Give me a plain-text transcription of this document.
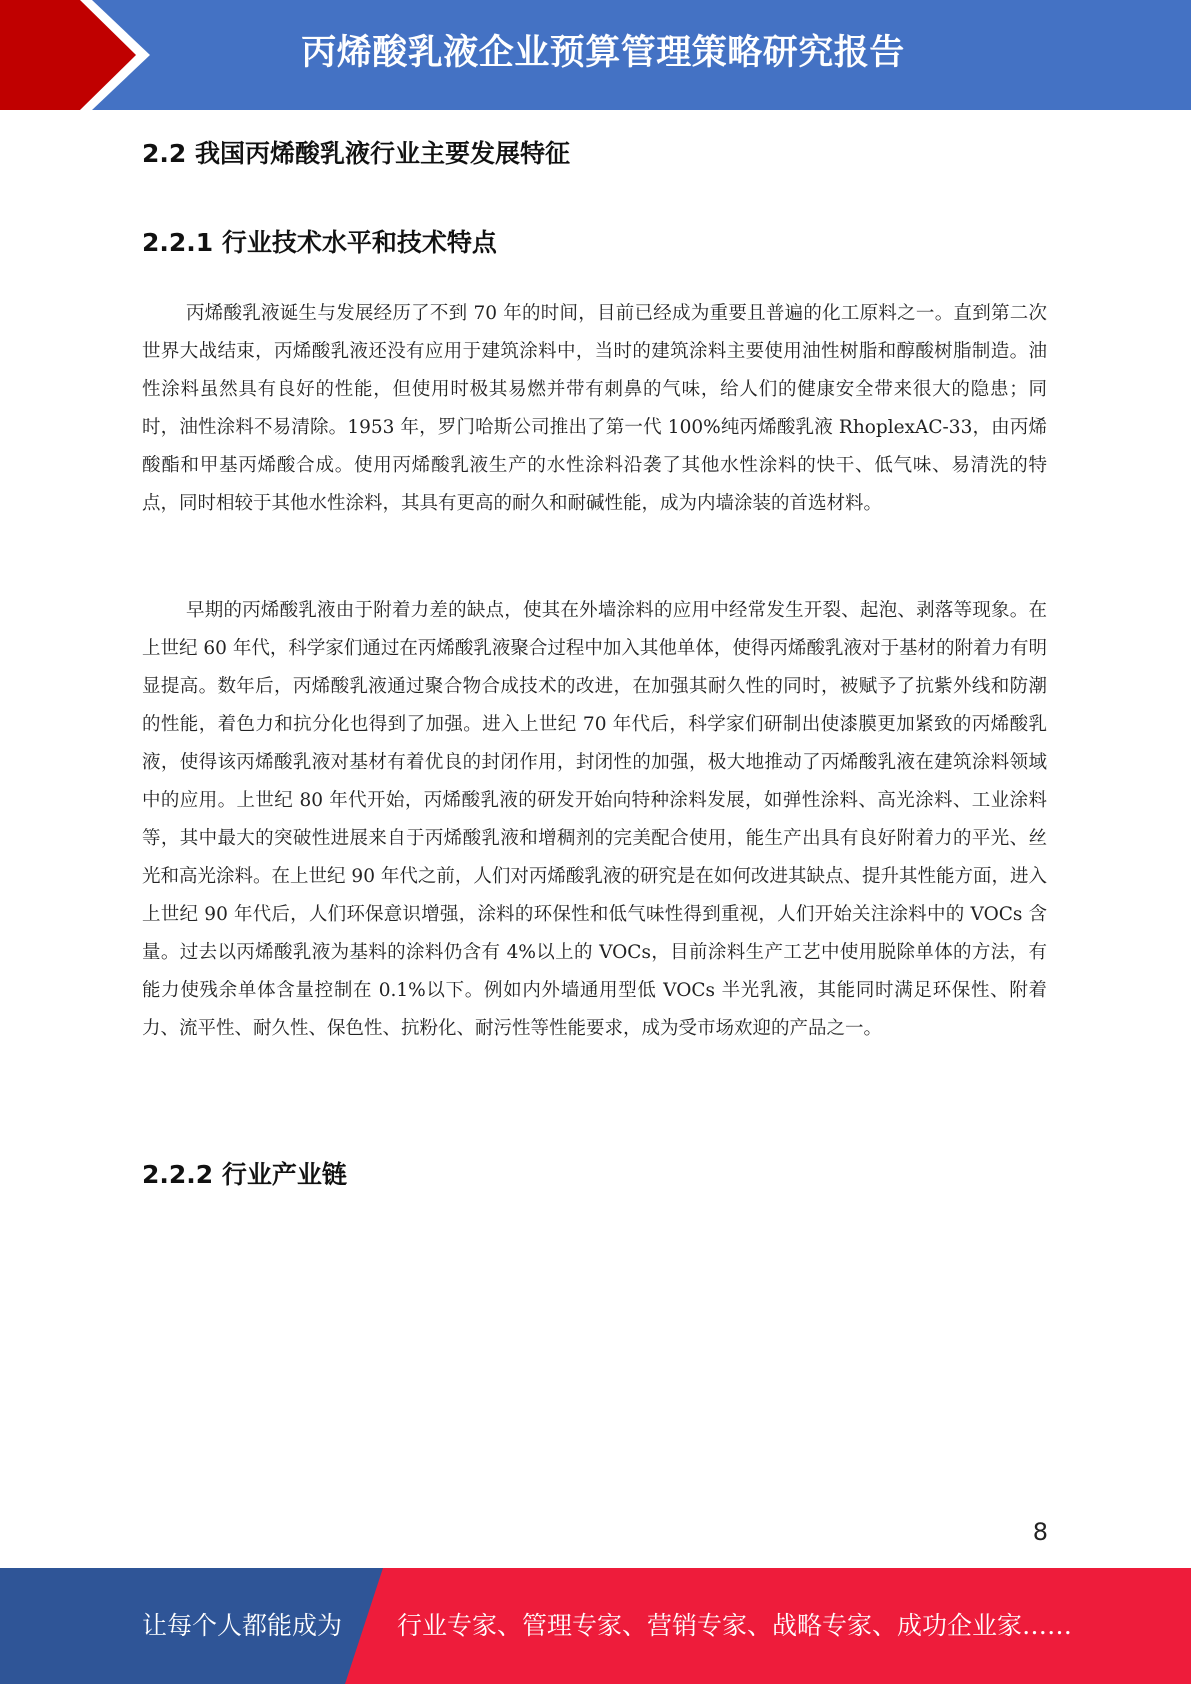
丙烯酸乳液企业预算管理策略研究报告
2.2 我国丙烯酸乳液行业主要发展特征
2.2.1 行业技术水平和技术特点

丙烯酸乳液诞生与发展经历了不到 70 年的时间，目前已经成为重要且普遍的化工原料之一。直到第二次世界大战结束，丙烯酸乳液还没有应用于建筑涂料中，当时的建筑涂料主要使用油性树脂和醇酸树脂制造。油性涂料虽然具有良好的性能，但使用时极其易燃并带有刺鼻的气味，给人们的健康安全带来很大的隐患；同时，油性涂料不易清除。1953 年，罗门哈斯公司推出了第一代 100%纯丙烯酸乳液 RhoplexAC-33，由丙烯酸酯和甲基丙烯酸合成。使用丙烯酸乳液生产的水性涂料沿袭了其他水性涂料的快干、低气味、易清洗的特点，同时相较于其他水性涂料，其具有更高的耐久和耐碱性能，成为内墙涂装的首选材料。

早期的丙烯酸乳液由于附着力差的缺点，使其在外墙涂料的应用中经常发生开裂、起泡、剥落等现象。在上世纪 60 年代，科学家们通过在丙烯酸乳液聚合过程中加入其他单体，使得丙烯酸乳液对于基材的附着力有明显提高。数年后，丙烯酸乳液通过聚合物合成技术的改进，在加强其耐久性的同时，被赋予了抗紫外线和防潮的性能，着色力和抗分化也得到了加强。进入上世纪 70 年代后，科学家们研制出使漆膜更加紧致的丙烯酸乳液，使得该丙烯酸乳液对基材有着优良的封闭作用，封闭性的加强，极大地推动了丙烯酸乳液在建筑涂料领域中的应用。上世纪 80 年代开始，丙烯酸乳液的研发开始向特种涂料发展，如弹性涂料、高光涂料、工业涂料等，其中最大的突破性进展来自于丙烯酸乳液和增稠剂的完美配合使用，能生产出具有良好附着力的平光、丝光和高光涂料。在上世纪 90 年代之前，人们对丙烯酸乳液的研究是在如何改进其缺点、提升其性能方面，进入上世纪 90 年代后，人们环保意识增强，涂料的环保性和低气味性得到重视，人们开始关注涂料中的 VOCs 含量。过去以丙烯酸乳液为基料的涂料仍含有 4%以上的 VOCs，目前涂料生产工艺中使用脱除单体的方法，有能力使残余单体含量控制在 0.1%以下。例如内外墙通用型低 VOCs 半光乳液，其能同时满足环保性、附着力、流平性、耐久性、保色性、抗粉化、耐污性等性能要求，成为受市场欢迎的产品之一。

2.2.2 行业产业链
8
让每个人都能成为 行业专家、管理专家、营销专家、战略专家、成功企业家……
